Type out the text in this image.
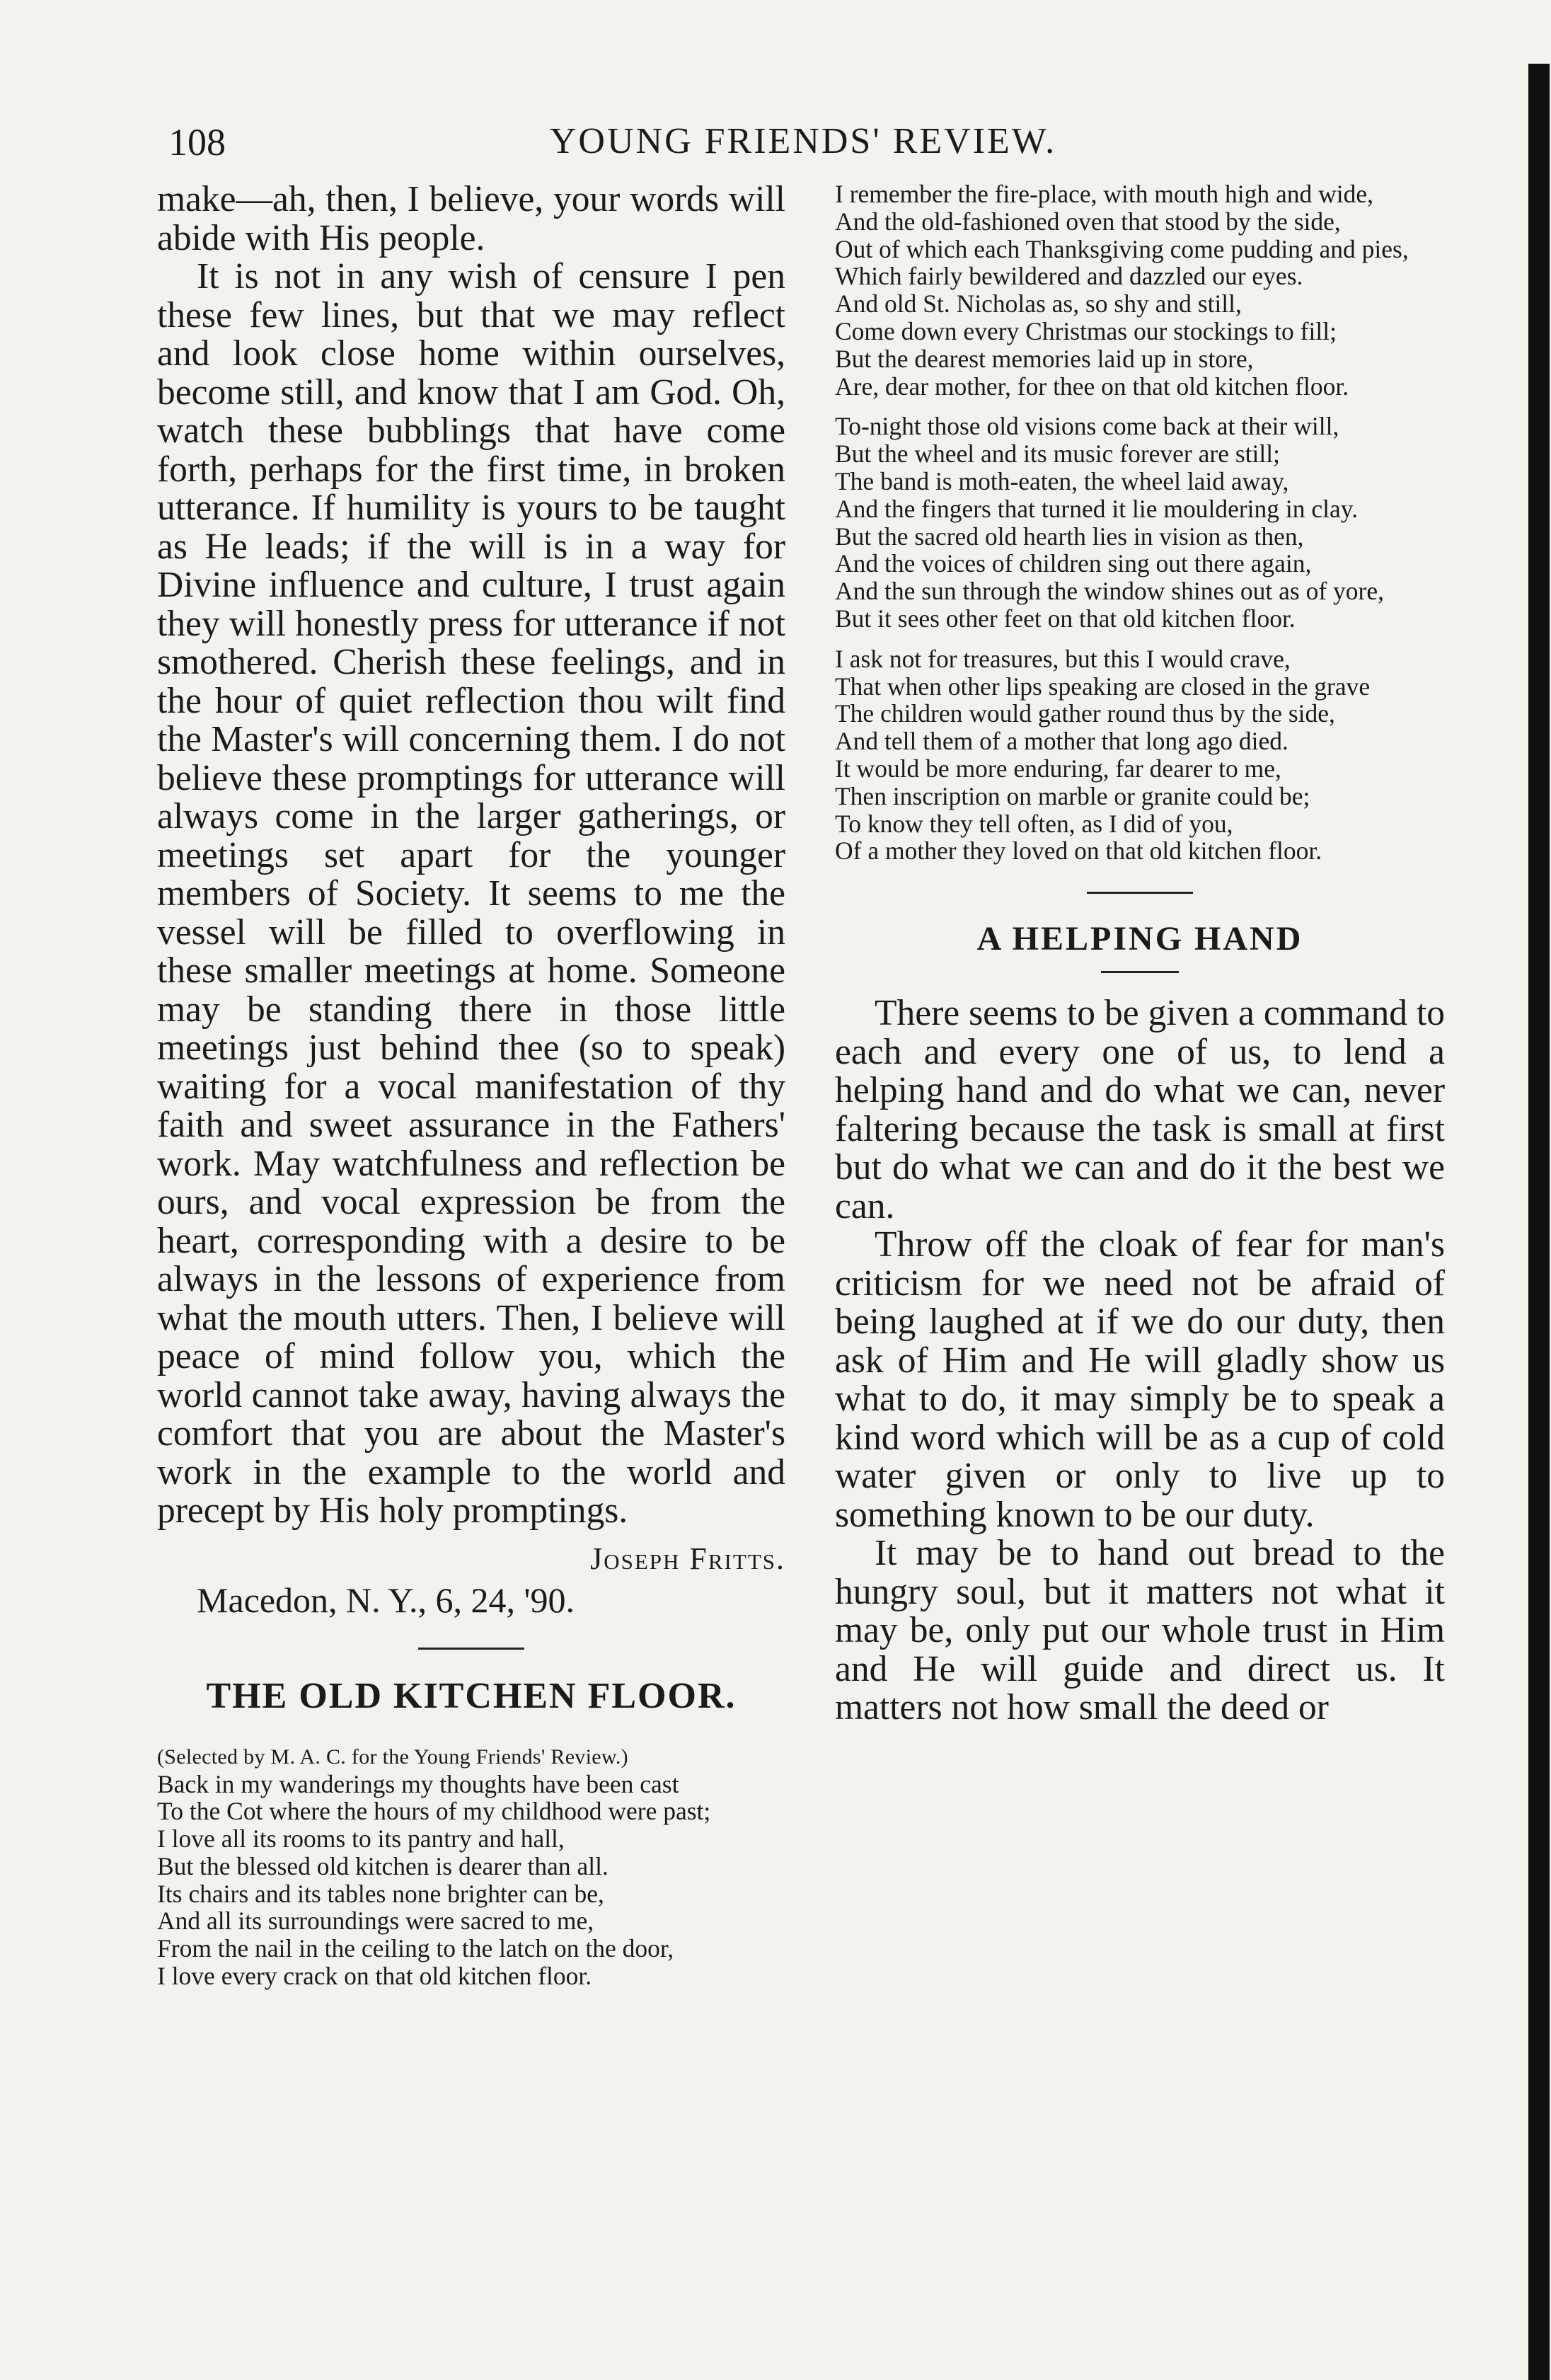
108	YOUNG FRIENDS' REVIEW.

make—ah, then, I believe, your words will abide with His people.

It is not in any wish of censure I pen these few lines, but that we may reflect and look close home within ourselves, become still, and know that I am God. Oh, watch these bubblings that have come forth, perhaps for the first time, in broken utterance. If humility is yours to be taught as He leads; if the will is in a way for Divine influence and culture, I trust again they will honestly press for utterance if not smothered. Cherish these feelings, and in the hour of quiet reflection thou wilt find the Master's will concerning them. I do not believe these promptings for utterance will always come in the larger gatherings, or meetings set apart for the younger members of Society. It seems to me the vessel will be filled to overflowing in these smaller meetings at home. Someone may be standing there in those little meetings just behind thee (so to speak) waiting for a vocal manifestation of thy faith and sweet assurance in the Fathers' work. May watchfulness and reflection be ours, and vocal expression be from the heart, corresponding with a desire to be always in the lessons of experience from what the mouth utters. Then, I believe will peace of mind follow you, which the world cannot take away, having always the comfort that you are about the Master's work in the example to the world and precept by His holy promptings.

Joseph Fritts.
Macedon, N. Y., 6, 24, '90.
THE OLD KITCHEN FLOOR.
(Selected by M. A. C. for the Young Friends' Review.)
Back in my wanderings my thoughts have been cast
To the Cot where the hours of my childhood were past;
I love all its rooms to its pantry and hall,
But the blessed old kitchen is dearer than all.
Its chairs and its tables none brighter can be,
And all its surroundings were sacred to me,
From the nail in the ceiling to the latch on the door,
I love every crack on that old kitchen floor.
I remember the fire-place, with mouth high and wide,
And the old-fashioned oven that stood by the side,
Out of which each Thanksgiving come pudding and pies,
Which fairly bewildered and dazzled our eyes.
And old St. Nicholas as, so shy and still,
Come down every Christmas our stockings to fill;
But the dearest memories laid up in store,
Are, dear mother, for thee on that old kitchen floor.
To-night those old visions come back at their will,
But the wheel and its music forever are still;
The band is moth-eaten, the wheel laid away,
And the fingers that turned it lie mouldering in clay.
But the sacred old hearth lies in vision as then,
And the voices of children sing out there again,
And the sun through the window shines out as of yore,
But it sees other feet on that old kitchen floor.
I ask not for treasures, but this I would crave,
That when other lips speaking are closed in the grave
The children would gather round thus by the side,
And tell them of a mother that long ago died.
It would be more enduring, far dearer to me,
Then inscription on marble or granite could be;
To know they tell often, as I did of you,
Of a mother they loved on that old kitchen floor.
A HELPING HAND

There seems to be given a command to each and every one of us, to lend a helping hand and do what we can, never faltering because the task is small at first but do what we can and do it the best we can.

Throw off the cloak of fear for man's criticism for we need not be afraid of being laughed at if we do our duty, then ask of Him and He will gladly show us what to do, it may simply be to speak a kind word which will be as a cup of cold water given or only to live up to something known to be our duty.

It may be to hand out bread to the hungry soul, but it matters not what it may be, only put our whole trust in Him and He will guide and direct us. It matters not how small the deed or
